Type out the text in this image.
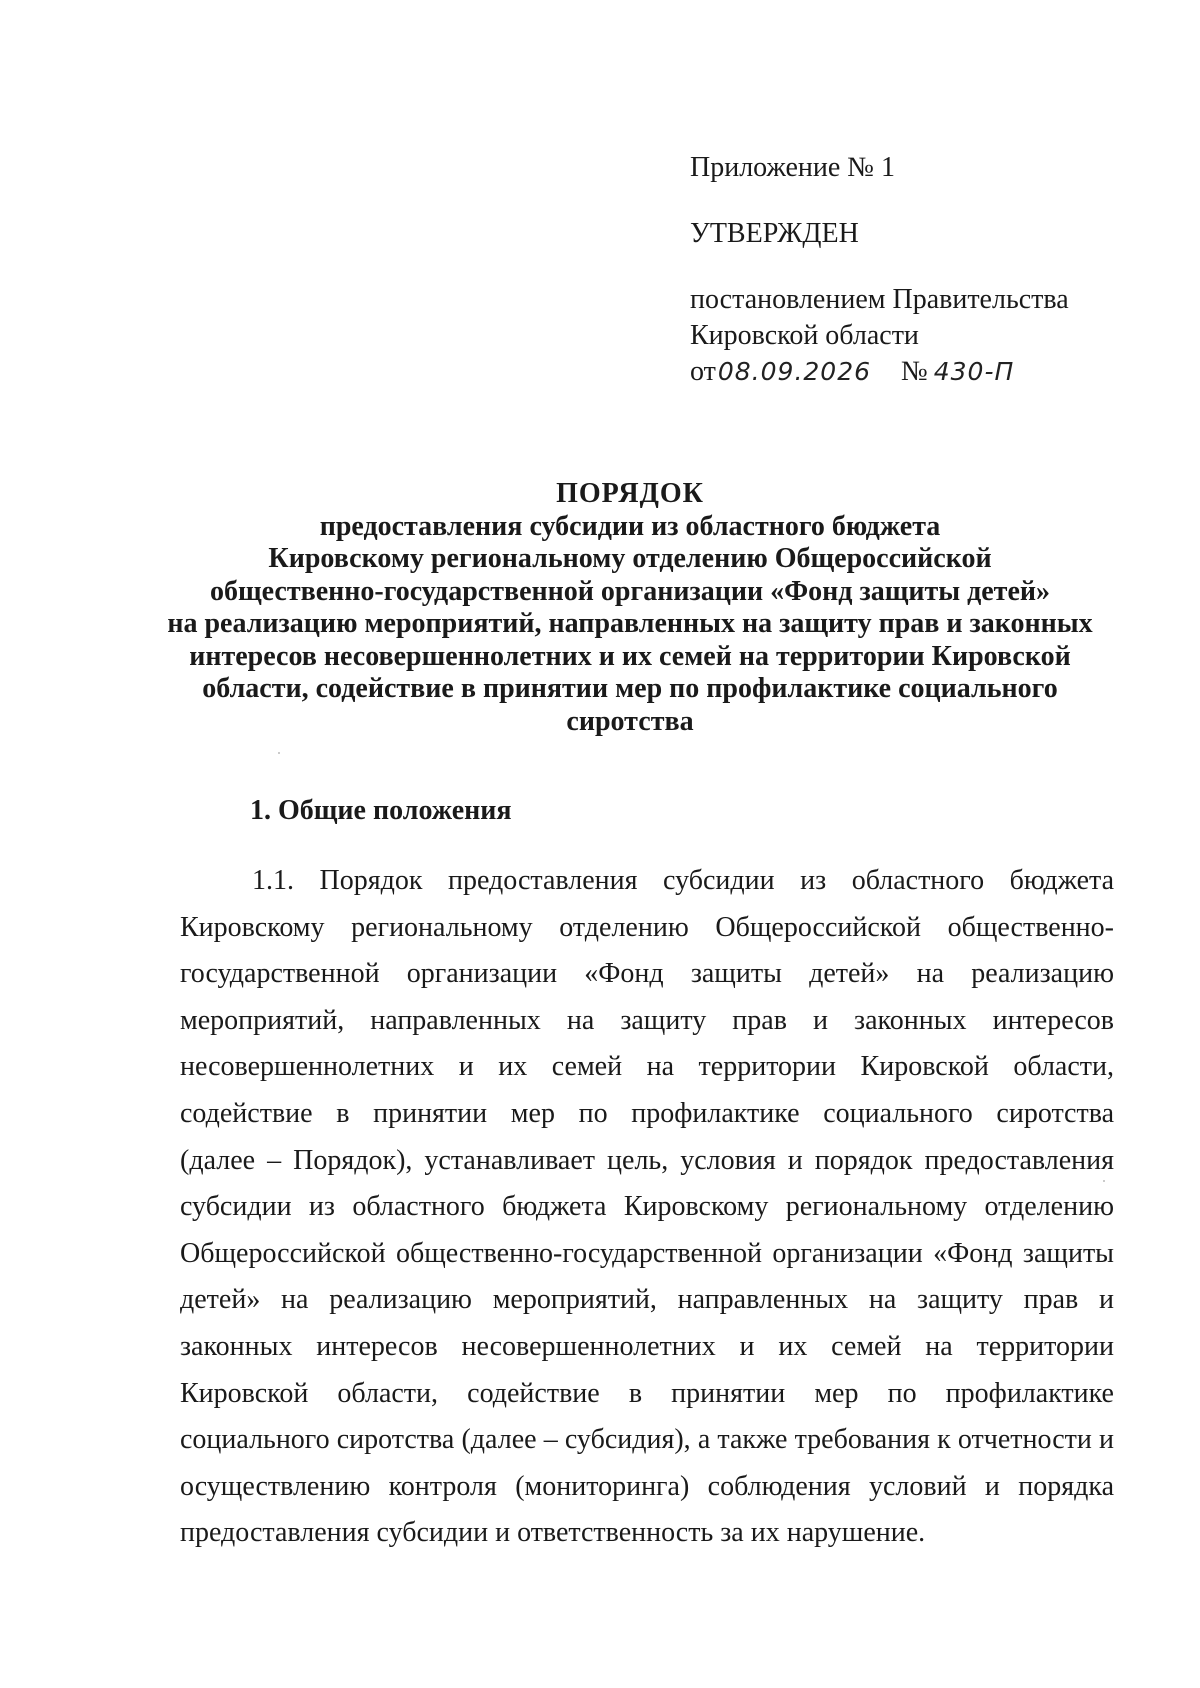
Приложение № 1

УТВЕРЖДЕН

постановлением Правительства

Кировской области

от08.09.2026 № 430-П

ПОРЯДОК

предоставления субсидии из областного бюджета
Кировскому региональному отделению Общероссийской
общественно-государственной организации «Фонд защиты детей»
на реализацию мероприятий, направленных на защиту прав и законных
интересов несовершеннолетних и их семей на территории Кировской
области, содействие в принятии мер по профилактике социального
сиротства

1. Общие положения

1.1. Порядок предоставления субсидии из областного бюджета
Кировскому региональному отделению Общероссийской общественно-
государственной организации «Фонд защиты детей» на реализацию
мероприятий, направленных на защиту прав и законных интересов
несовершеннолетних и их семей на территории Кировской области,
содействие в принятии мер по профилактике социального сиротства
(далее – Порядок), устанавливает цель, условия и порядок предоставления
субсидии из областного бюджета Кировскому региональному отделению
Общероссийской общественно-государственной организации «Фонд защиты
детей» на реализацию мероприятий, направленных на защиту прав и
законных интересов несовершеннолетних и их семей на территории
Кировской области, содействие в принятии мер по профилактике
социального сиротства (далее – субсидия), а также требования к отчетности и
осуществлению контроля (мониторинга) соблюдения условий и порядка
предоставления субсидии и ответственность за их нарушение.
